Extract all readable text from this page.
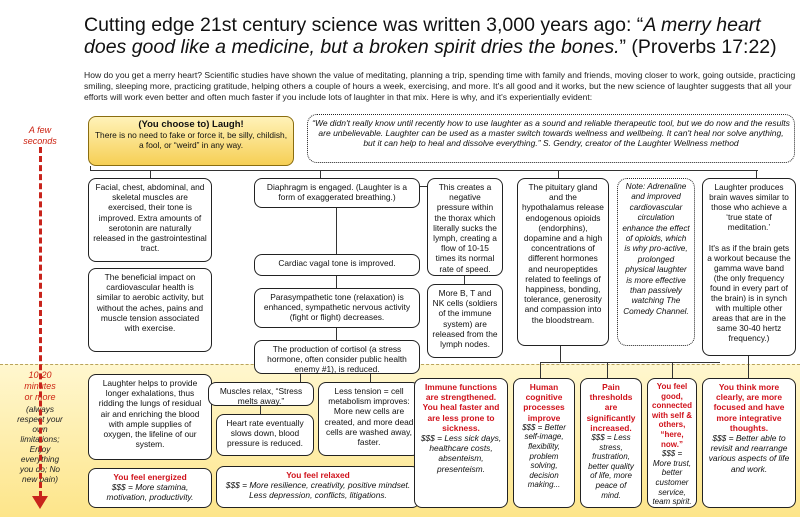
Cutting edge 21st century science was written 3,000 years ago: “A merry heart does good like a medicine, but a broken spirit dries the bones.” (Proverbs 17:22)
How do you get a merry heart? Scientific studies have shown the value of meditating, planning a trip, spending time with family and friends, moving closer to work, going outside, practicing smiling, sleeping more, practicing gratitude, helping others a couple of hours a week, exercising, and more. It's all good and it works, but the new science of laughter suggests that all your efforts will work even better and often much faster if you include lots of laughter in that mix. Here is why, and it's experientially evident:
A few
seconds
10-20
minutes
or more
(always
respect your
own
limitations;
Enjoy
everything
you do; No
new pain)
(You choose to) Laugh!
There is no need to fake or force it, be silly, childish, a fool, or “weird” in any way.
“We didn't really know until recently how to use laughter as a sound and reliable therapeutic tool, but we do now and the results are unbelievable. Laughter can be used as a master switch towards wellness and wellbeing. It can't heal nor solve anything, but it can help to heal and dissolve everything.” S. Gendry, creator of the Laughter Wellness method
Facial, chest, abdominal, and skeletal muscles are exercised, their tone is improved. Extra amounts of serotonin are naturally released in the gastrointestinal tract.
The beneficial impact on cardiovascular health is similar to aerobic activity, but without the aches, pains and muscle tension associated with exercise.
Laughter helps to provide longer exhalations, thus ridding the lungs of residual air and enriching the blood with ample supplies of oxygen, the lifeline of our system.
You feel energized
$$$ = More stamina, motivation, productivity.
Diaphragm is engaged. (Laughter is a form of exaggerated breathing.)
Cardiac vagal tone is improved.
Parasympathetic tone (relaxation) is enhanced, sympathetic nervous activity (fight or flight) decreases.
The production of cortisol (a stress hormone, often consider public health enemy #1), is reduced.
Muscles relax, “Stress melts away.”
Heart rate eventually slows down, blood pressure is reduced.
Less tension = cell metabolism improves: More new cells are created, and more dead cells are washed away, faster.
You feel relaxed
$$$ = More resilience, creativity, positive mindset. Less depression, conflicts, litigations.
This creates a negative pressure within the thorax which literally sucks the lymph, creating a flow of 10-15 times its normal rate of speed.
More B, T and NK cells (soldiers of the immune system) are released from the lymph nodes.
Immune functions are strengthened. You heal faster and are less prone to sickness.
$$$ = Less sick days, healthcare costs, absenteism, presenteism.
The pituitary gland and the hypothalamus release endogenous opioids (endorphins), dopamine and a high concentrations of different hormones and neuropeptides related to feelings of happiness, bonding, tolerance, generosity and compassion into the bloodstream.
Note: Adrenaline and improved cardiovascular circulation enhance the effect of opioids, which is why pro-active, prolonged physical laughter is more effective than passively watching The Comedy Channel.
Human cognitive processes improve
$$$ = Better self-image, flexibility, problem solving, decision making...
Pain thresholds are significantly increased.
$$$ = Less stress, frustration, better quality of life, more peace of mind.
You feel good, connected with self & others, “here, now.”
$$$ = More trust, better customer service, team spirit.
Laughter produces brain waves similar to those who achieve a ‘true state of meditation.’

It's as if the brain gets a workout because the gamma wave band (the only frequency found in every part of the brain) is in synch with multiple other areas that are in the same 30-40 hertz frequency.)
You think more clearly, are more focused and have more integrative thoughts.
$$$ = Better able to revisit and rearrange various aspects of life and work.
